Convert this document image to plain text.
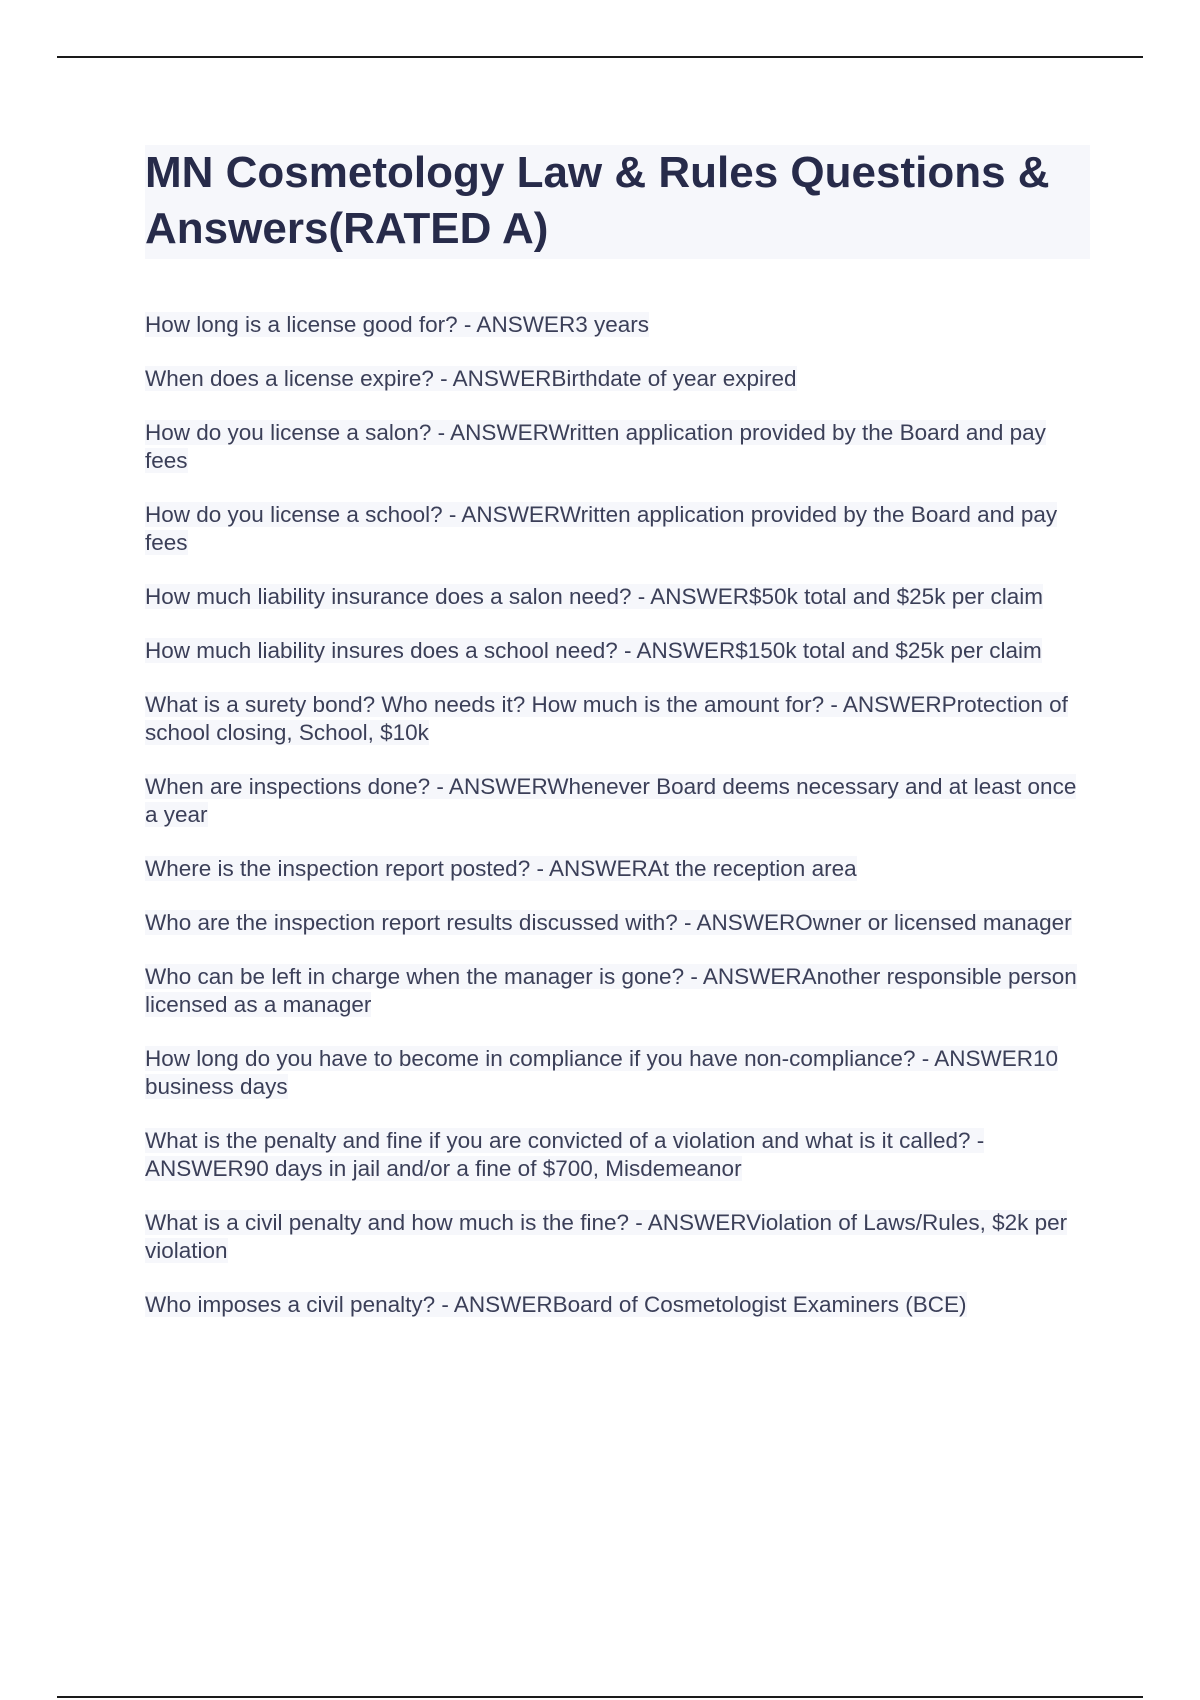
MN Cosmetology Law & Rules Questions & Answers(RATED A)
How long is a license good for? - ANSWER3 years
When does a license expire? - ANSWERBirthdate of year expired
How do you license a salon? - ANSWERWritten application provided by the Board and pay fees
How do you license a school? - ANSWERWritten application provided by the Board and pay fees
How much liability insurance does a salon need? - ANSWER$50k total and $25k per claim
How much liability insures does a school need? - ANSWER$150k total and $25k per claim
What is a surety bond? Who needs it? How much is the amount for? - ANSWERProtection of school closing, School, $10k
When are inspections done? - ANSWERWhenever Board deems necessary and at least once a year
Where is the inspection report posted? - ANSWERAt the reception area
Who are the inspection report results discussed with? - ANSWEROwner or licensed manager
Who can be left in charge when the manager is gone? - ANSWERAnother responsible person licensed as a manager
How long do you have to become in compliance if you have non-compliance? - ANSWER10 business days
What is the penalty and fine if you are convicted of a violation and what is it called? - ANSWER90 days in jail and/or a fine of $700, Misdemeanor
What is a civil penalty and how much is the fine? - ANSWERViolation of Laws/Rules, $2k per violation
Who imposes a civil penalty? - ANSWERBoard of Cosmetologist Examiners (BCE)
